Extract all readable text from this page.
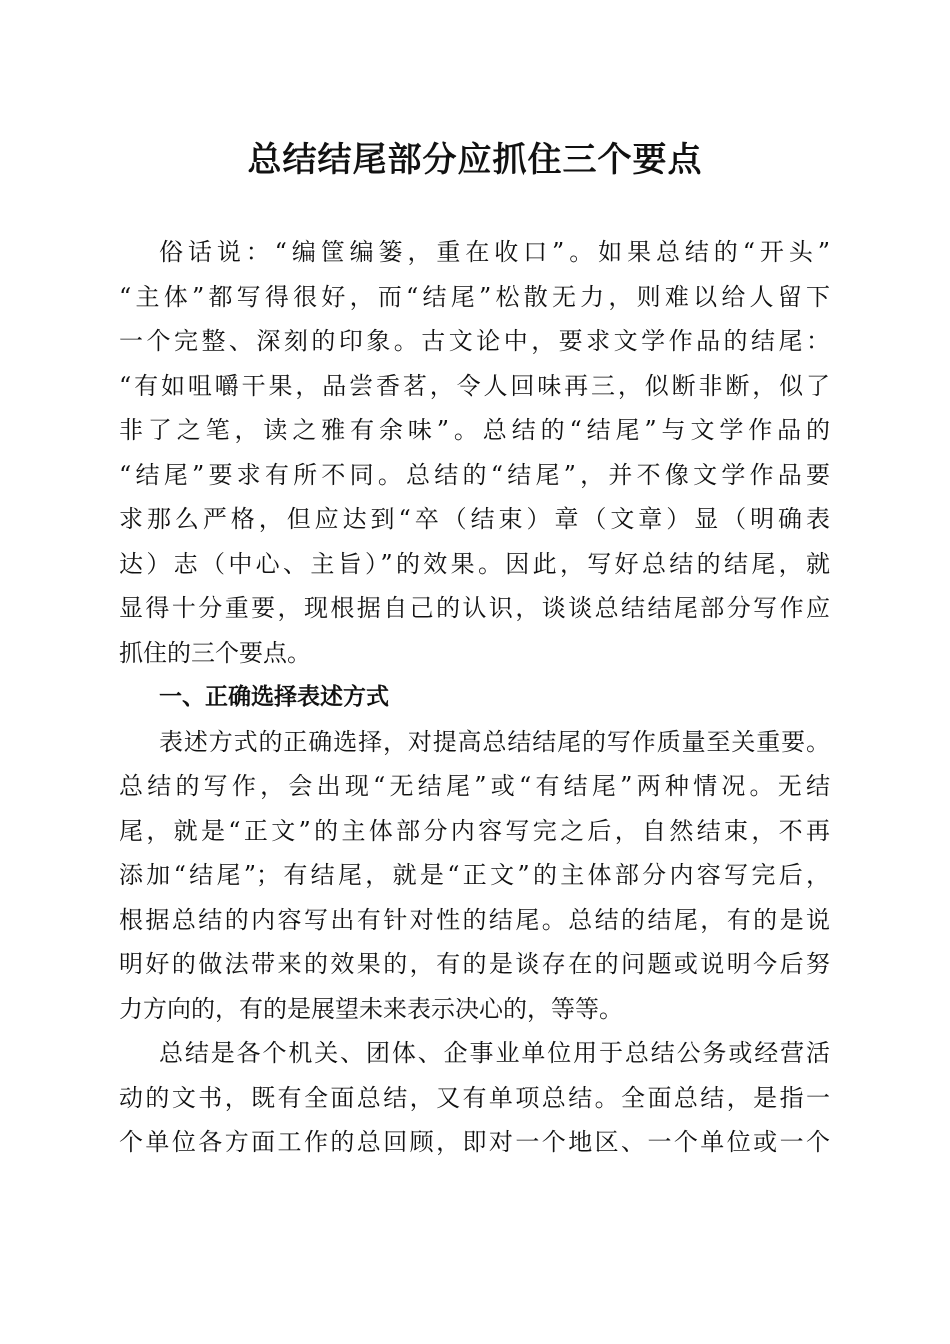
总结结尾部分应抓住三个要点
俗话说：“编筐编篓，重在收口”。如果总结的“开头”
“主体”都写得很好，而“结尾”松散无力，则难以给人留下
一个完整、深刻的印象。古文论中，要求文学作品的结尾：
“有如咀嚼干果，品尝香茗，令人回味再三，似断非断，似了
非了之笔，读之雅有余味”。总结的“结尾”与文学作品的
“结尾”要求有所不同。总结的“结尾”，并不像文学作品要
求那么严格，但应达到“卒（结束）章（文章）显（明确表
达）志（中心、主旨）”的效果。因此，写好总结的结尾，就
显得十分重要，现根据自己的认识，谈谈总结结尾部分写作应
抓住的三个要点。
一、正确选择表述方式
表述方式的正确选择，对提高总结结尾的写作质量至关重要。
总结的写作，会出现“无结尾”或“有结尾”两种情况。无结
尾，就是“正文”的主体部分内容写完之后，自然结束，不再
添加“结尾”；有结尾，就是“正文”的主体部分内容写完后，
根据总结的内容写出有针对性的结尾。总结的结尾，有的是说
明好的做法带来的效果的，有的是谈存在的问题或说明今后努
力方向的，有的是展望未来表示决心的，等等。
总结是各个机关、团体、企事业单位用于总结公务或经营活
动的文书，既有全面总结，又有单项总结。全面总结，是指一
个单位各方面工作的总回顾，即对一个地区、一个单位或一个
